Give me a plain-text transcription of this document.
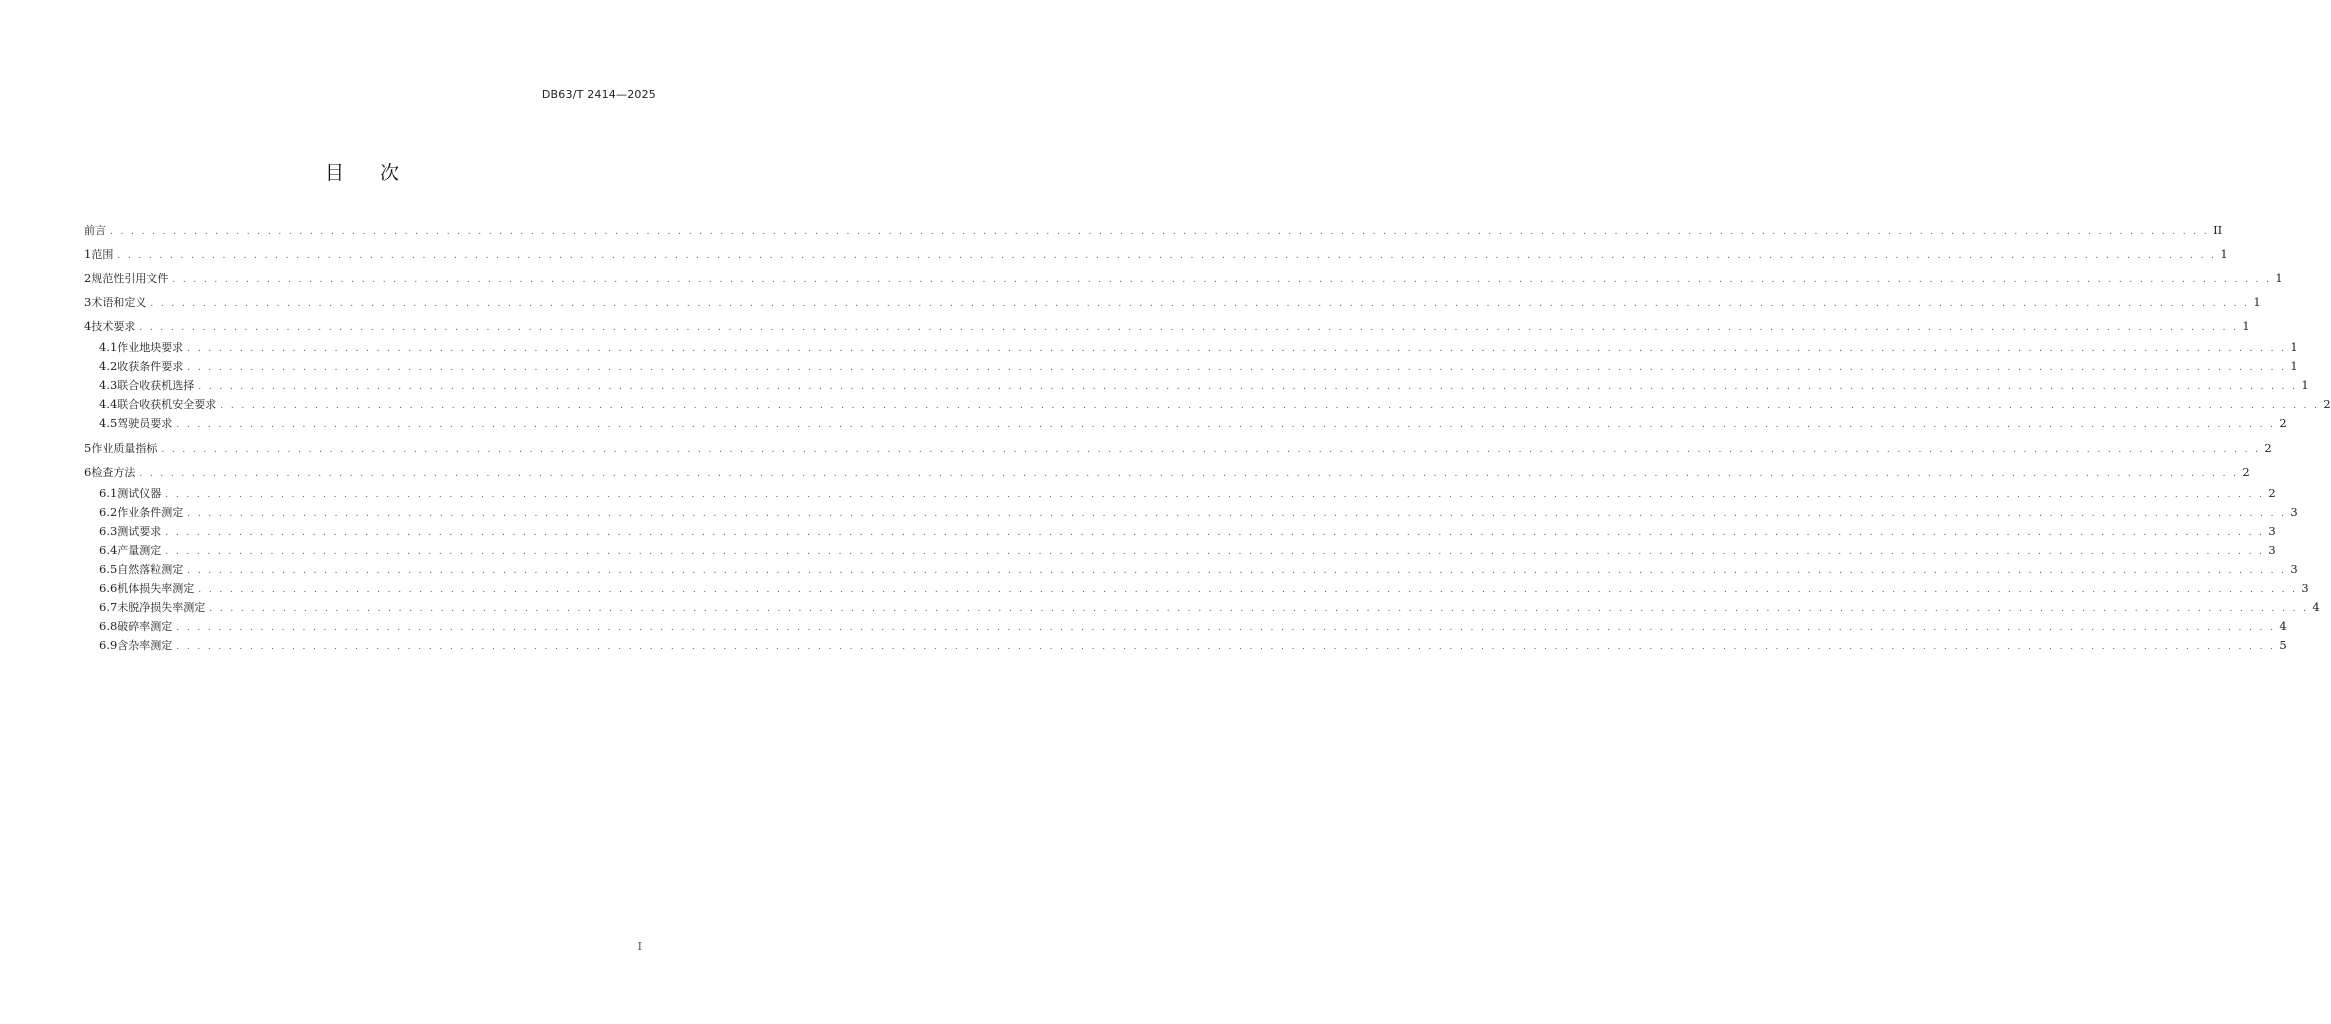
DB63/T 2414—2025
目 次
前言 . . . . . . . . . . . . . . . . . . . . . . . . . . . . . . . . . . . . . . . . . . . . . . . . . . . . . . . . . . . . . . . . . . . . . . . . . . . . . . . . . . . . . . . . . . . . . . . . . . . . . . . . . . . . . . . . . . . . . . . . . . . . . . . . . . . . . . . . . . . . . . . . . . . . . . . . . . . . . . . . . . . . . . . . . . . . . . . . . . . . . . . . . . . . . . . . . . . . . . . . II
1 范围 . . . . . . . . . . . . . . . . . . . . . . . . . . . . . . . . . . . . . . . . . . . . . . . . . . . . . . . . . . . . . . . . . . . . . . . . . . . . . . . . . . . . . . . . . . . . . . . . . . . . . . . . . . . . . . . . . . . . . . . . . . . . . . . . . . . . . . . . . . . . . . . . . . . . . . . . . . . . . . . . . . . . . . . . . . . . . . . . . . . . . . . . . . . . . . . . . . . . . . . . 1
2 规范性引用文件 . . . . . . . . . . . . . . . . . . . . . . . . . . . . . . . . . . . . . . . . . . . . . . . . . . . . . . . . . . . . . . . . . . . . . . . . . . . . . . . . . . . . . . . . . . . . . . . . . . . . . . . . . . . . . . . . . . . . . . . . . . . . . . . . . . . . . . . . . . . . . . . . . . . . . . . . . . . . . . . . . . . . . . . . . . . . . . . . . . . . . . . . . . . . . . . . . . . . . . . . 1
3 术语和定义 . . . . . . . . . . . . . . . . . . . . . . . . . . . . . . . . . . . . . . . . . . . . . . . . . . . . . . . . . . . . . . . . . . . . . . . . . . . . . . . . . . . . . . . . . . . . . . . . . . . . . . . . . . . . . . . . . . . . . . . . . . . . . . . . . . . . . . . . . . . . . . . . . . . . . . . . . . . . . . . . . . . . . . . . . . . . . . . . . . . . . . . . . . . . . . . . . . . . . . . . 1
4 技术要求 . . . . . . . . . . . . . . . . . . . . . . . . . . . . . . . . . . . . . . . . . . . . . . . . . . . . . . . . . . . . . . . . . . . . . . . . . . . . . . . . . . . . . . . . . . . . . . . . . . . . . . . . . . . . . . . . . . . . . . . . . . . . . . . . . . . . . . . . . . . . . . . . . . . . . . . . . . . . . . . . . . . . . . . . . . . . . . . . . . . . . . . . . . . . . . . . . . . . . . . . 1
4.1 作业地块要求 . . . . . . . . . . . . . . . . . . . . . . . . . . . . . . . . . . . . . . . . . . . . . . . . . . . . . . . . . . . . . . . . . . . . . . . . . . . . . . . . . . . . . . . . . . . . . . . . . . . . . . . . . . . . . . . . . . . . . . . . . . . . . . . . . . . . . . . . . . . . . . . . . . . . . . . . . . . . . . . . . . . . . . . . . . . . . . . . . . . . . . . . . . . . . . . . . . . . . . . . 1
4.2 收获条件要求 . . . . . . . . . . . . . . . . . . . . . . . . . . . . . . . . . . . . . . . . . . . . . . . . . . . . . . . . . . . . . . . . . . . . . . . . . . . . . . . . . . . . . . . . . . . . . . . . . . . . . . . . . . . . . . . . . . . . . . . . . . . . . . . . . . . . . . . . . . . . . . . . . . . . . . . . . . . . . . . . . . . . . . . . . . . . . . . . . . . . . . . . . . . . . . . . . . . . . . . . 1
4.3 联合收获机选择 . . . . . . . . . . . . . . . . . . . . . . . . . . . . . . . . . . . . . . . . . . . . . . . . . . . . . . . . . . . . . . . . . . . . . . . . . . . . . . . . . . . . . . . . . . . . . . . . . . . . . . . . . . . . . . . . . . . . . . . . . . . . . . . . . . . . . . . . . . . . . . . . . . . . . . . . . . . . . . . . . . . . . . . . . . . . . . . . . . . . . . . . . . . . . . . . . . . . . . . . 1
4.4 联合收获机安全要求 . . . . . . . . . . . . . . . . . . . . . . . . . . . . . . . . . . . . . . . . . . . . . . . . . . . . . . . . . . . . . . . . . . . . . . . . . . . . . . . . . . . . . . . . . . . . . . . . . . . . . . . . . . . . . . . . . . . . . . . . . . . . . . . . . . . . . . . . . . . . . . . . . . . . . . . . . . . . . . . . . . . . . . . . . . . . . . . . . . . . . . . . . . . . . . . . . . . . . . . . 2
4.5 驾驶员要求 . . . . . . . . . . . . . . . . . . . . . . . . . . . . . . . . . . . . . . . . . . . . . . . . . . . . . . . . . . . . . . . . . . . . . . . . . . . . . . . . . . . . . . . . . . . . . . . . . . . . . . . . . . . . . . . . . . . . . . . . . . . . . . . . . . . . . . . . . . . . . . . . . . . . . . . . . . . . . . . . . . . . . . . . . . . . . . . . . . . . . . . . . . . . . . . . . . . . . . . . 2
5 作业质量指标 . . . . . . . . . . . . . . . . . . . . . . . . . . . . . . . . . . . . . . . . . . . . . . . . . . . . . . . . . . . . . . . . . . . . . . . . . . . . . . . . . . . . . . . . . . . . . . . . . . . . . . . . . . . . . . . . . . . . . . . . . . . . . . . . . . . . . . . . . . . . . . . . . . . . . . . . . . . . . . . . . . . . . . . . . . . . . . . . . . . . . . . . . . . . . . . . . . . . . . . . 2
6 检查方法 . . . . . . . . . . . . . . . . . . . . . . . . . . . . . . . . . . . . . . . . . . . . . . . . . . . . . . . . . . . . . . . . . . . . . . . . . . . . . . . . . . . . . . . . . . . . . . . . . . . . . . . . . . . . . . . . . . . . . . . . . . . . . . . . . . . . . . . . . . . . . . . . . . . . . . . . . . . . . . . . . . . . . . . . . . . . . . . . . . . . . . . . . . . . . . . . . . . . . . . . 2
6.1 测试仪器 . . . . . . . . . . . . . . . . . . . . . . . . . . . . . . . . . . . . . . . . . . . . . . . . . . . . . . . . . . . . . . . . . . . . . . . . . . . . . . . . . . . . . . . . . . . . . . . . . . . . . . . . . . . . . . . . . . . . . . . . . . . . . . . . . . . . . . . . . . . . . . . . . . . . . . . . . . . . . . . . . . . . . . . . . . . . . . . . . . . . . . . . . . . . . . . . . . . . . . . . 2
6.2 作业条件测定 . . . . . . . . . . . . . . . . . . . . . . . . . . . . . . . . . . . . . . . . . . . . . . . . . . . . . . . . . . . . . . . . . . . . . . . . . . . . . . . . . . . . . . . . . . . . . . . . . . . . . . . . . . . . . . . . . . . . . . . . . . . . . . . . . . . . . . . . . . . . . . . . . . . . . . . . . . . . . . . . . . . . . . . . . . . . . . . . . . . . . . . . . . . . . . . . . . . . . . . . 3
6.3 测试要求 . . . . . . . . . . . . . . . . . . . . . . . . . . . . . . . . . . . . . . . . . . . . . . . . . . . . . . . . . . . . . . . . . . . . . . . . . . . . . . . . . . . . . . . . . . . . . . . . . . . . . . . . . . . . . . . . . . . . . . . . . . . . . . . . . . . . . . . . . . . . . . . . . . . . . . . . . . . . . . . . . . . . . . . . . . . . . . . . . . . . . . . . . . . . . . . . . . . . . . . . 3
6.4 产量测定 . . . . . . . . . . . . . . . . . . . . . . . . . . . . . . . . . . . . . . . . . . . . . . . . . . . . . . . . . . . . . . . . . . . . . . . . . . . . . . . . . . . . . . . . . . . . . . . . . . . . . . . . . . . . . . . . . . . . . . . . . . . . . . . . . . . . . . . . . . . . . . . . . . . . . . . . . . . . . . . . . . . . . . . . . . . . . . . . . . . . . . . . . . . . . . . . . . . . . . . . 3
6.5 自然落粒测定 . . . . . . . . . . . . . . . . . . . . . . . . . . . . . . . . . . . . . . . . . . . . . . . . . . . . . . . . . . . . . . . . . . . . . . . . . . . . . . . . . . . . . . . . . . . . . . . . . . . . . . . . . . . . . . . . . . . . . . . . . . . . . . . . . . . . . . . . . . . . . . . . . . . . . . . . . . . . . . . . . . . . . . . . . . . . . . . . . . . . . . . . . . . . . . . . . . . . . . . . 3
6.6 机体损失率测定 . . . . . . . . . . . . . . . . . . . . . . . . . . . . . . . . . . . . . . . . . . . . . . . . . . . . . . . . . . . . . . . . . . . . . . . . . . . . . . . . . . . . . . . . . . . . . . . . . . . . . . . . . . . . . . . . . . . . . . . . . . . . . . . . . . . . . . . . . . . . . . . . . . . . . . . . . . . . . . . . . . . . . . . . . . . . . . . . . . . . . . . . . . . . . . . . . . . . . . . . 3
6.7 未脱净损失率测定 . . . . . . . . . . . . . . . . . . . . . . . . . . . . . . . . . . . . . . . . . . . . . . . . . . . . . . . . . . . . . . . . . . . . . . . . . . . . . . . . . . . . . . . . . . . . . . . . . . . . . . . . . . . . . . . . . . . . . . . . . . . . . . . . . . . . . . . . . . . . . . . . . . . . . . . . . . . . . . . . . . . . . . . . . . . . . . . . . . . . . . . . . . . . . . . . . . . . . . . . 4
6.8 破碎率测定 . . . . . . . . . . . . . . . . . . . . . . . . . . . . . . . . . . . . . . . . . . . . . . . . . . . . . . . . . . . . . . . . . . . . . . . . . . . . . . . . . . . . . . . . . . . . . . . . . . . . . . . . . . . . . . . . . . . . . . . . . . . . . . . . . . . . . . . . . . . . . . . . . . . . . . . . . . . . . . . . . . . . . . . . . . . . . . . . . . . . . . . . . . . . . . . . . . . . . . . . 4
6.9 含杂率测定 . . . . . . . . . . . . . . . . . . . . . . . . . . . . . . . . . . . . . . . . . . . . . . . . . . . . . . . . . . . . . . . . . . . . . . . . . . . . . . . . . . . . . . . . . . . . . . . . . . . . . . . . . . . . . . . . . . . . . . . . . . . . . . . . . . . . . . . . . . . . . . . . . . . . . . . . . . . . . . . . . . . . . . . . . . . . . . . . . . . . . . . . . . . . . . . . . . . . . . . . 5
I
